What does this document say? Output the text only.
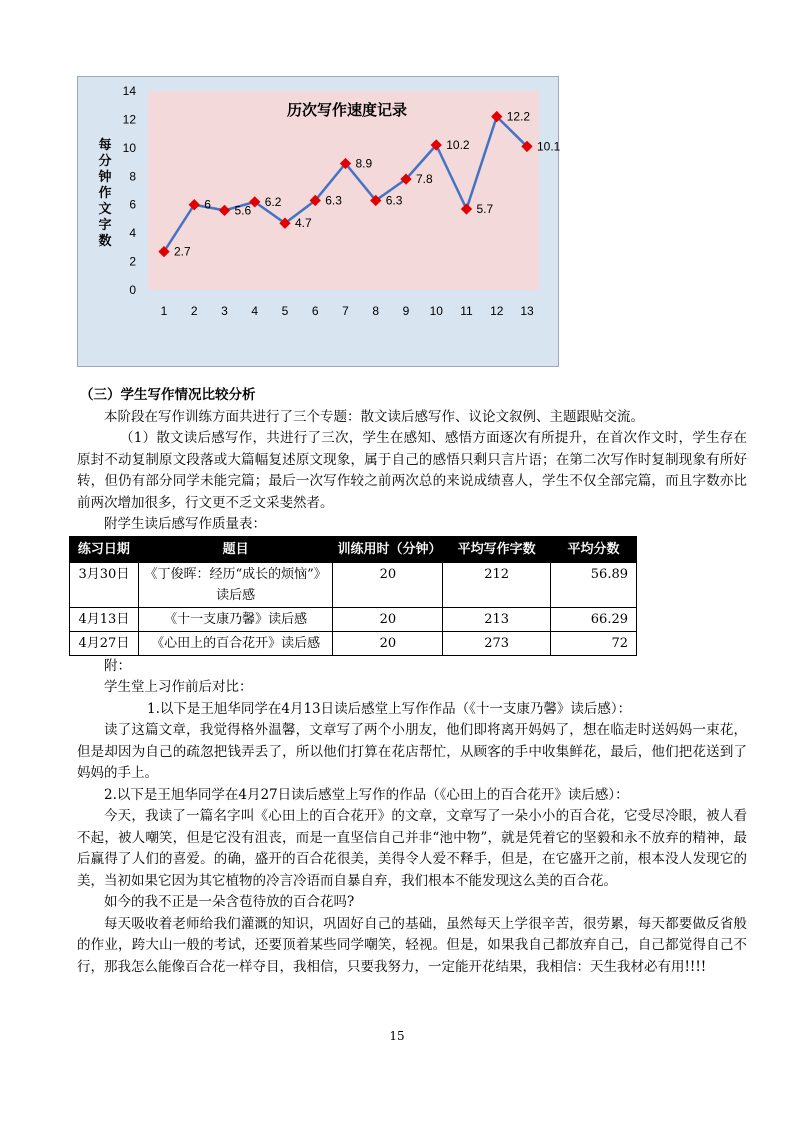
0
2
4
6
8
10
12
14
1 2 3 4 5 6 7 8 9 10 11 12 13
历次写作速度记录
每
分
钟
作
文
字
数
2.7
6 5.6
6.2
4.7
6.3
8.9
6.3
7.8
10.2
5.7
12.2
10.1
（三）学生写作情况比较分析

本阶段在写作训练方面共进行了三个专题：散文读后感写作、议论文叙例、主题跟贴交流。

（1）散文读后感写作，共进行了三次，学生在感知、感悟方面逐次有所提升，在首次作文时，学生存在原封不动复制原文段落或大篇幅复述原文现象，属于自己的感悟只剩只言片语；在第二次写作时复制现象有所好转，但仍有部分同学未能完篇；最后一次写作较之前两次总的来说成绩喜人，学生不仅全部完篇，而且字数亦比前两次增加很多，行文更不乏文采斐然者。

附学生读后感写作质量表：

练习日期	题目	训练用时（分钟）	平均写作字数	平均分数
3月30日	《丁俊晖：经历“成长的烦恼”》读后感	20	212	56.89
4月13日	《十一支康乃馨》读后感	20	213	66.29
4月27日	《心田上的百合花开》读后感	20	273	72

附：

学生堂上习作前后对比：

1.以下是王旭华同学在4月13日读后感堂上写作作品（《十一支康乃馨》读后感）：

读了这篇文章，我觉得格外温馨，文章写了两个小朋友，他们即将离开妈妈了，想在临走时送妈妈一束花，但是却因为自己的疏忽把钱弄丢了，所以他们打算在花店帮忙，从顾客的手中收集鲜花，最后，他们把花送到了妈妈的手上。

2.以下是王旭华同学在4月27日读后感堂上写作的作品（《心田上的百合花开》读后感）：

今天，我读了一篇名字叫《心田上的百合花开》的文章，文章写了一朵小小的百合花，它受尽冷眼，被人看不起，被人嘲笑，但是它没有沮丧，而是一直坚信自己并非“池中物”，就是凭着它的坚毅和永不放弃的精神，最后赢得了人们的喜爱。的确，盛开的百合花很美，美得令人爱不释手，但是，在它盛开之前，根本没人发现它的美，当初如果它因为其它植物的冷言冷语而自暴自弃，我们根本不能发现这么美的百合花。

如今的我不正是一朵含苞待放的百合花吗?

每天吸收着老师给我们灌溉的知识，巩固好自己的基础，虽然每天上学很辛苦，很劳累，每天都要做反省般的作业，跨大山一般的考试，还要顶着某些同学嘲笑，轻视。但是，如果我自己都放弃自己，自己都觉得自己不行，那我怎么能像百合花一样夺目，我相信，只要我努力，一定能开花结果，我相信：天生我材必有用!!!!

15
